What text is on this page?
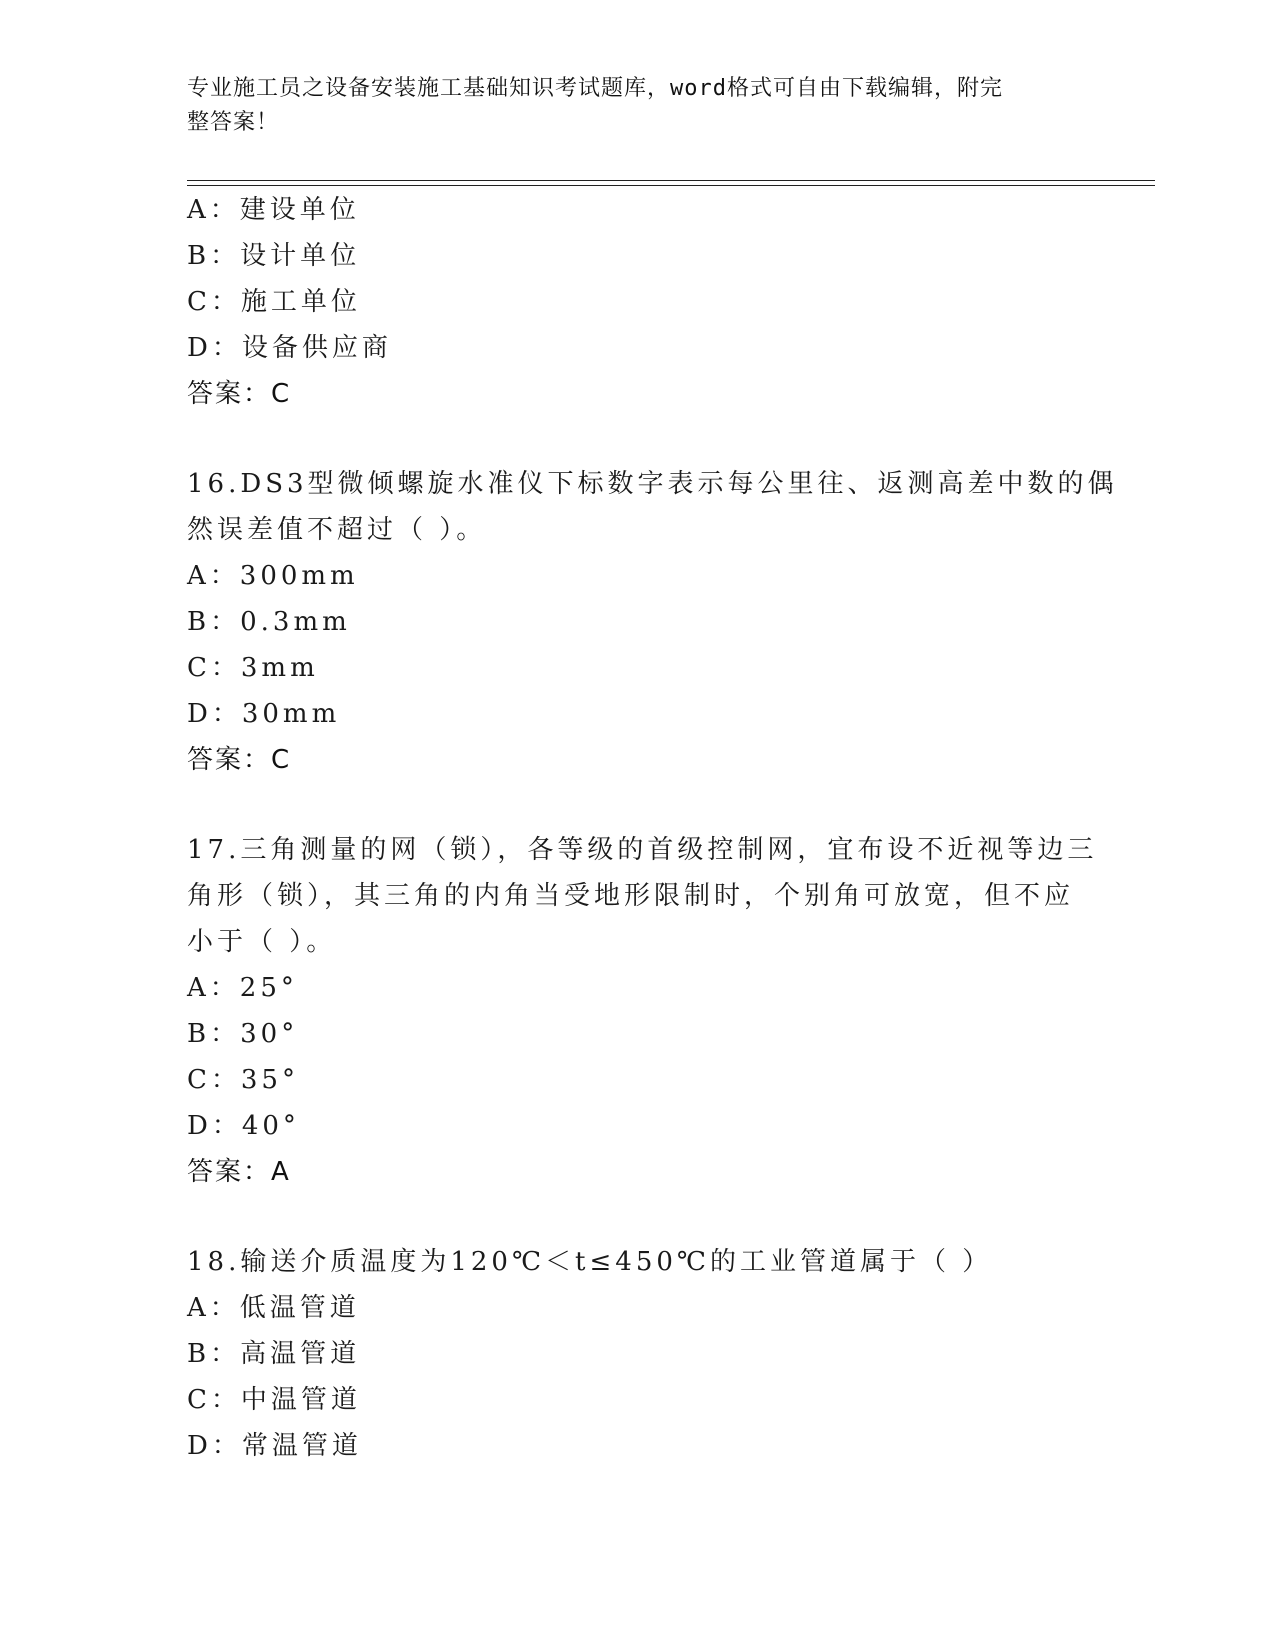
专业施工员之设备安装施工基础知识考试题库，word格式可自由下载编辑，附完
整答案！
A：建设单位
B：设计单位
C：施工单位
D：设备供应商
答案：C
16.DS3型微倾螺旋水准仪下标数字表示每公里往、返测高差中数的偶
然误差值不超过（ ）。
A：300mm
B：0.3mm
C：3mm
D：30mm
答案：C
17.三角测量的网（锁），各等级的首级控制网，宜布设不近视等边三
角形（锁），其三角的内角当受地形限制时，个别角可放宽，但不应
小于（ ）。
A：25°
B：30°
C：35°
D：40°
答案：A
18.输送介质温度为120℃＜t≤450℃的工业管道属于（ ）
A：低温管道
B：高温管道
C：中温管道
D：常温管道
